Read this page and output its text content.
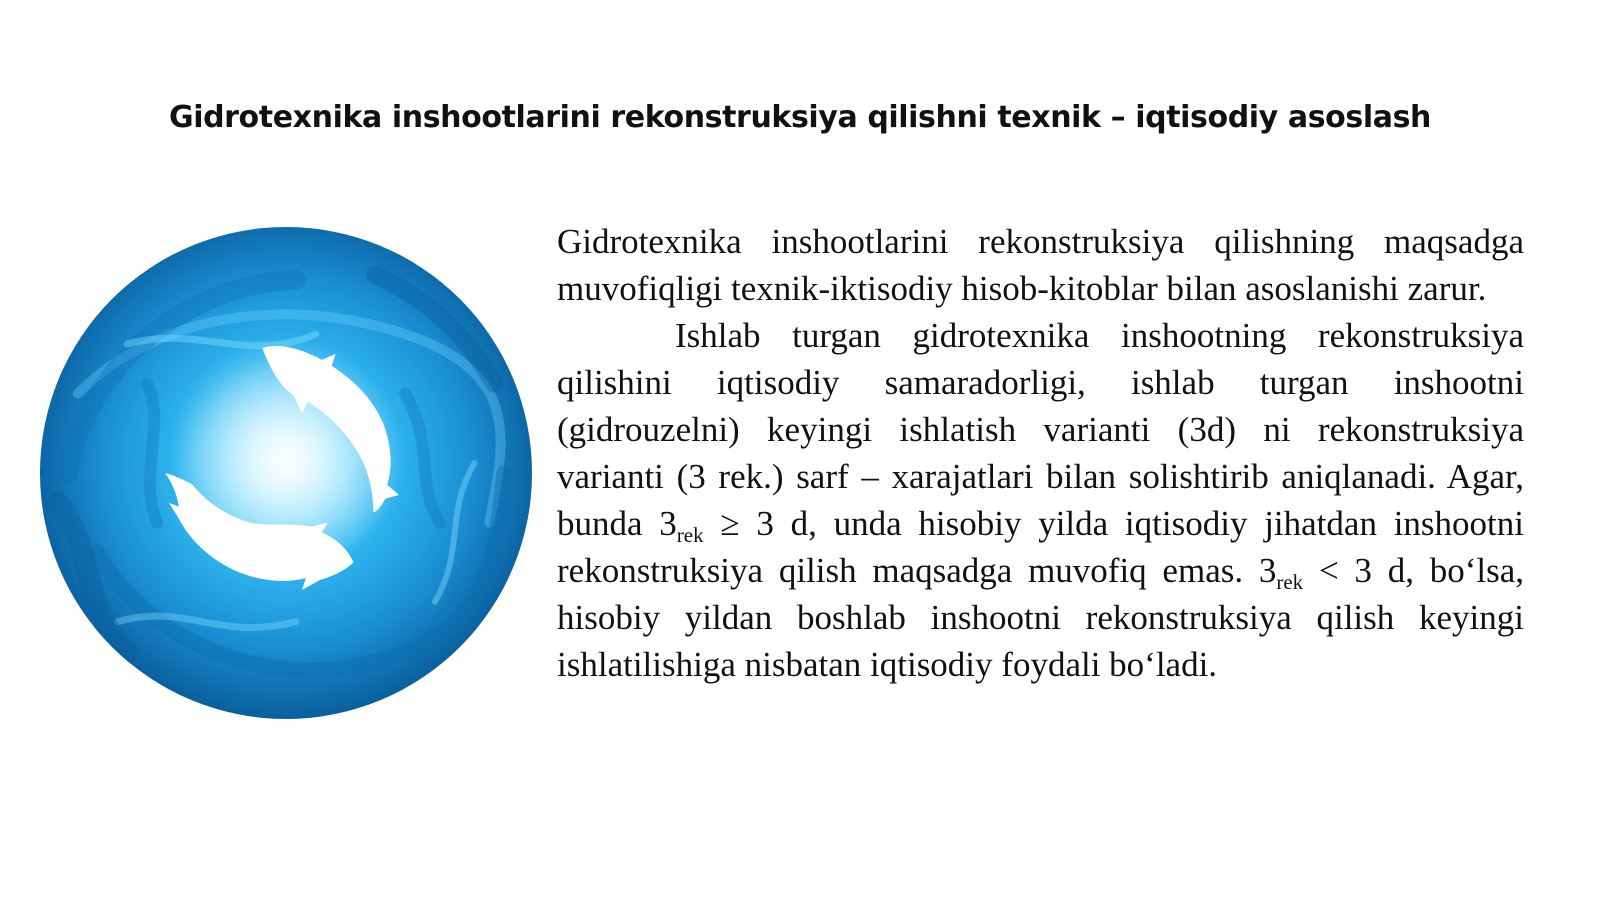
Gidrotexnika inshootlarini rekonstruksiya qilishni texnik – iqtisodiy asoslash

Gidrotexnika inshootlarini rekonstruksiya qilishning maqsadga muvofiqligi texnik-iktisodiy hisob-kitoblar bilan asoslanishi zarur.

Ishlab turgan gidrotexnika inshootning rekonstruksiya qilishini iqtisodiy samaradorligi, ishlab turgan inshootni (gidrouzelni) keyingi ishlatish varianti (3d) ni rekonstruksiya varianti (3 rek.) sarf – xarajatlari bilan solishtirib aniqlanadi. Agar, bunda $3_{rek} \ge 3$ d, unda hisobiy yilda iqtisodiy jihatdan inshootni rekonstruksiya qilish maqsadga muvofiq emas. $3_{rek} < 3$ d, bo‘lsa, hisobiy yildan boshlab inshootni rekonstruksiya qilish keyingi ishlatilishiga nisbatan iqtisodiy foydali bo‘ladi.
